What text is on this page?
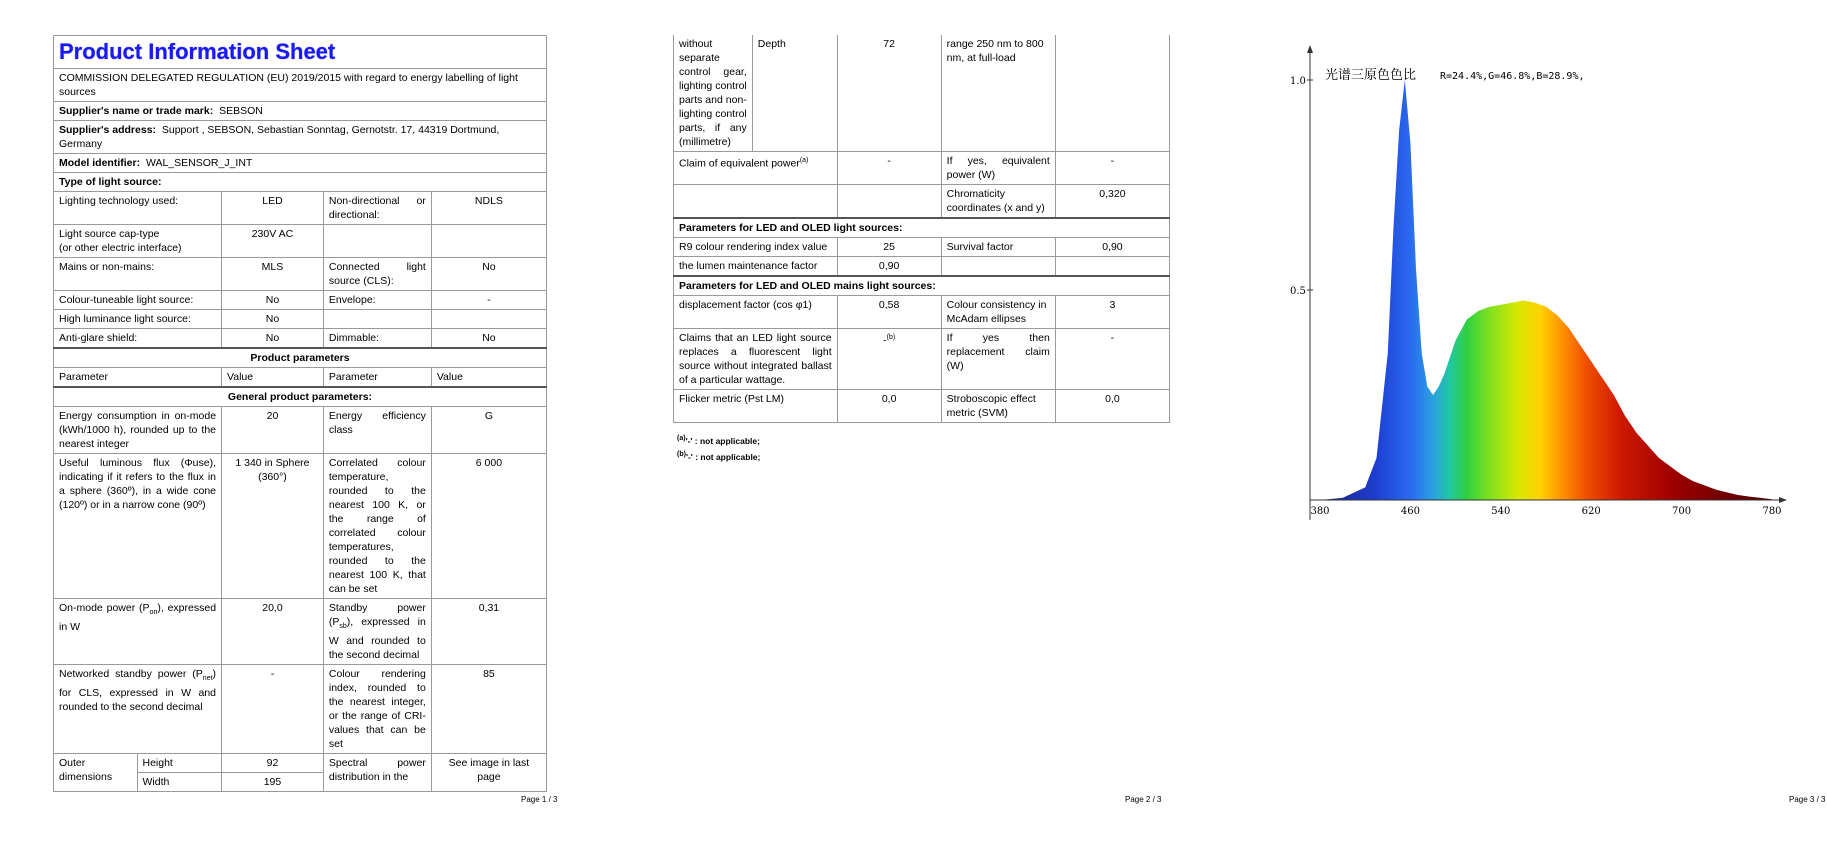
Product Information Sheet				
COMMISSION DELEGATED REGULATION (EU) 2019/2015 with regard to energy labelling of light sources				
Supplier's name or trade mark: SEBSON				
Supplier's address: Support , SEBSON, Sebastian Sonntag, Gernotstr. 17, 44319 Dortmund, Germany				
Model identifier: WAL_SENSOR_J_INT				
Type of light source:				
Lighting technology used:		LED	Non-directional or directional:	NDLS
Light source cap-type
(or other electric interface)		230V AC		
Mains or non-mains:		MLS	Connected light source (CLS):	No
Colour-tuneable light source:		No	Envelope:	-
High luminance light source:		No		
Anti-glare shield:		No	Dimmable:	No
Product parameters				
Parameter		Value	Parameter	Value
General product parameters:				
Energy consumption in on-mode (kWh/1000 h), rounded up to the nearest integer		20	Energy efficiency class	G
Useful luminous flux (Φuse), indicating if it refers to the flux in a sphere (360º), in a wide cone (120º) or in a narrow cone (90º)		1 340 in Sphere (360°)	Correlated colour temperature, rounded to the nearest 100 K, or the range of correlated colour temperatures, rounded to the nearest 100 K, that can be set	6 000
On-mode power $(P_{on})$, expressed in W		20,0	Standby power $(P_{sb})$, expressed in W and rounded to the second decimal	0,31
Networked standby power $(P_{net})$ for CLS, expressed in W and rounded to the second decimal		-	Colour rendering index, rounded to the nearest integer, or the range of CRI-values that can be set	85
Outer dimensions	Height	92	Spectral power distribution in the	See image in last page
	Width	195		
Page 1 / 3
without separate control gear, lighting control parts and non-lighting control parts, if any (millimetre)	Depth	72	range 250 nm to 800 nm, at full-load	
Claim of equivalent power$^{(a)}$		-	If yes, equivalent power (W)	-
			Chromaticity coordinates (x and y)	0,320
Parameters for LED and OLED light sources:				
R9 colour rendering index value		25	Survival factor	0,90
the lumen maintenance factor		0,90		
Parameters for LED and OLED mains light sources:				
displacement factor (cos φ1)		0,58	Colour consistency in McAdam ellipses	3
Claims that an LED light source replaces a fluorescent light source without integrated ballast of a particular wattage.		-$^{(b)}$	If yes then replacement claim (W)	-
Flicker metric (Pst LM)		0,0	Stroboscopic effect metric (SVM)	0,0
$^{(a)}$'-' : not applicable;
$^{(b)}$'-' : not applicable;
Page 2 / 3	Page 3 / 3
380	460	540	620	700	780
1.0
0.5
光谱三原色色比 R=24.4%,G=46.8%,B=28.9%,
